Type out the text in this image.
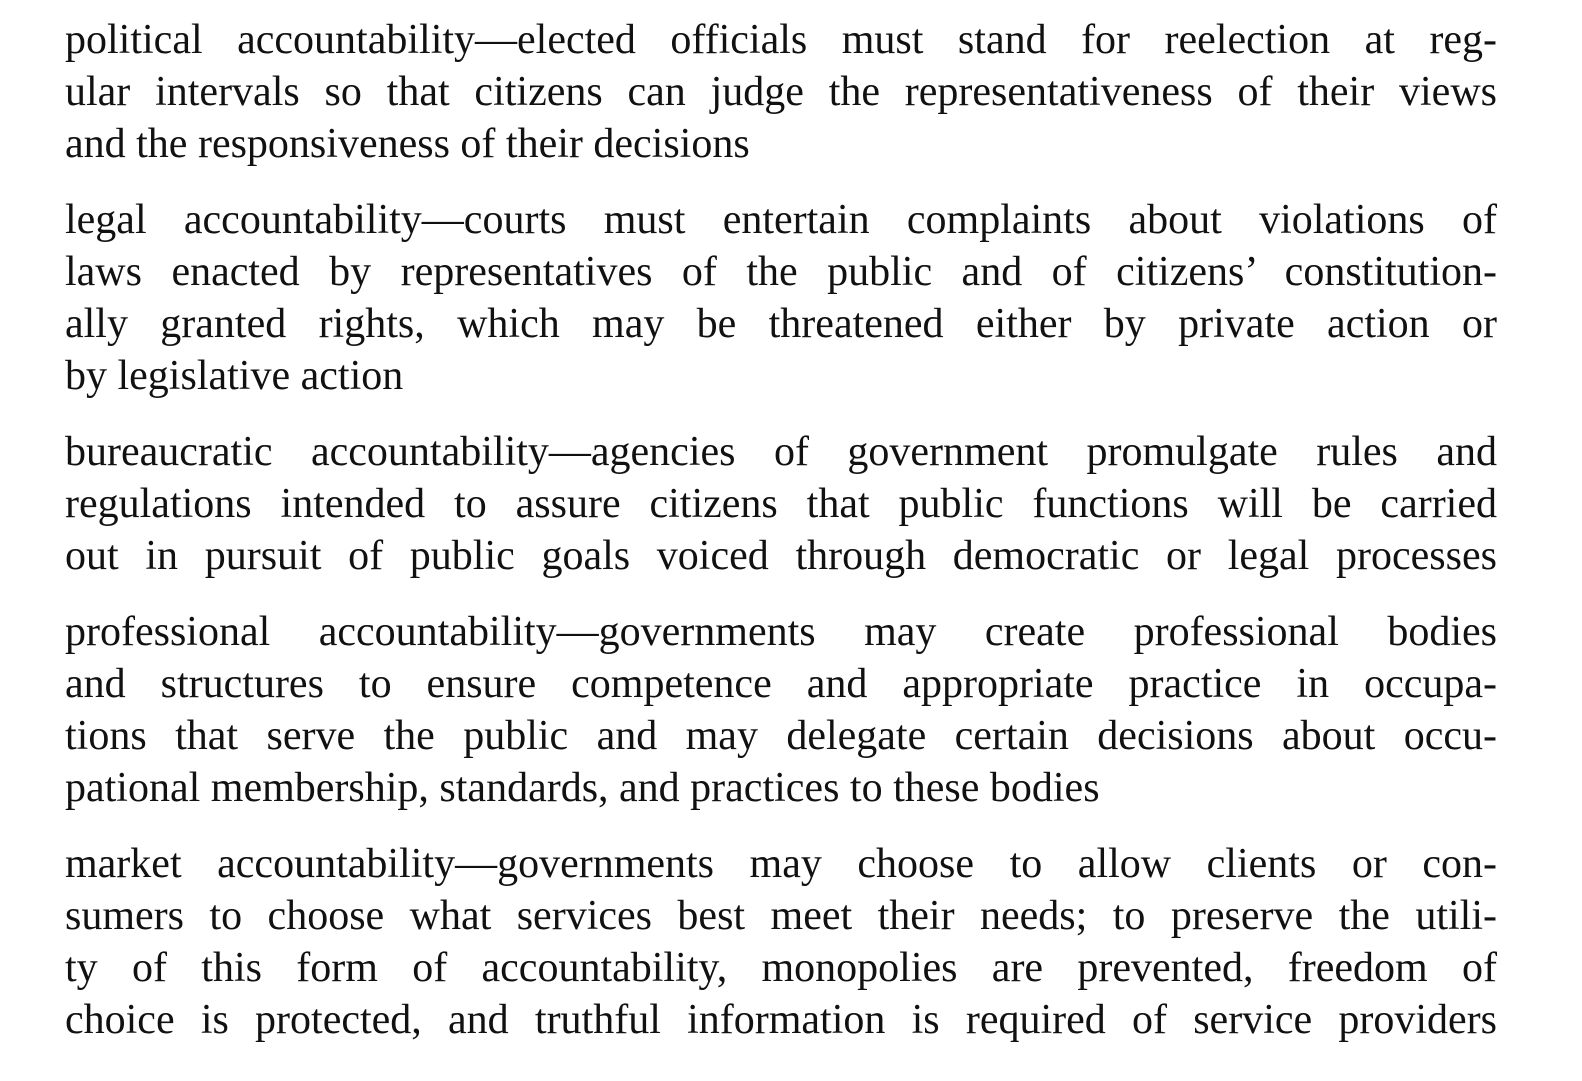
political accountability—elected officials must stand for reelection at reg-
ular intervals so that citizens can judge the representativeness of their views
and the responsiveness of their decisions

legal accountability—courts must entertain complaints about violations of
laws enacted by representatives of the public and of citizens’ constitution-
ally granted rights, which may be threatened either by private action or
by legislative action

bureaucratic accountability—agencies of government promulgate rules and
regulations intended to assure citizens that public functions will be carried
out in pursuit of public goals voiced through democratic or legal processes

professional accountability—governments may create professional bodies
and structures to ensure competence and appropriate practice in occupa-
tions that serve the public and may delegate certain decisions about occu-
pational membership, standards, and practices to these bodies

market accountability—governments may choose to allow clients or con-
sumers to choose what services best meet their needs; to preserve the utili-
ty of this form of accountability, monopolies are prevented, freedom of
choice is protected, and truthful information is required of service providers
